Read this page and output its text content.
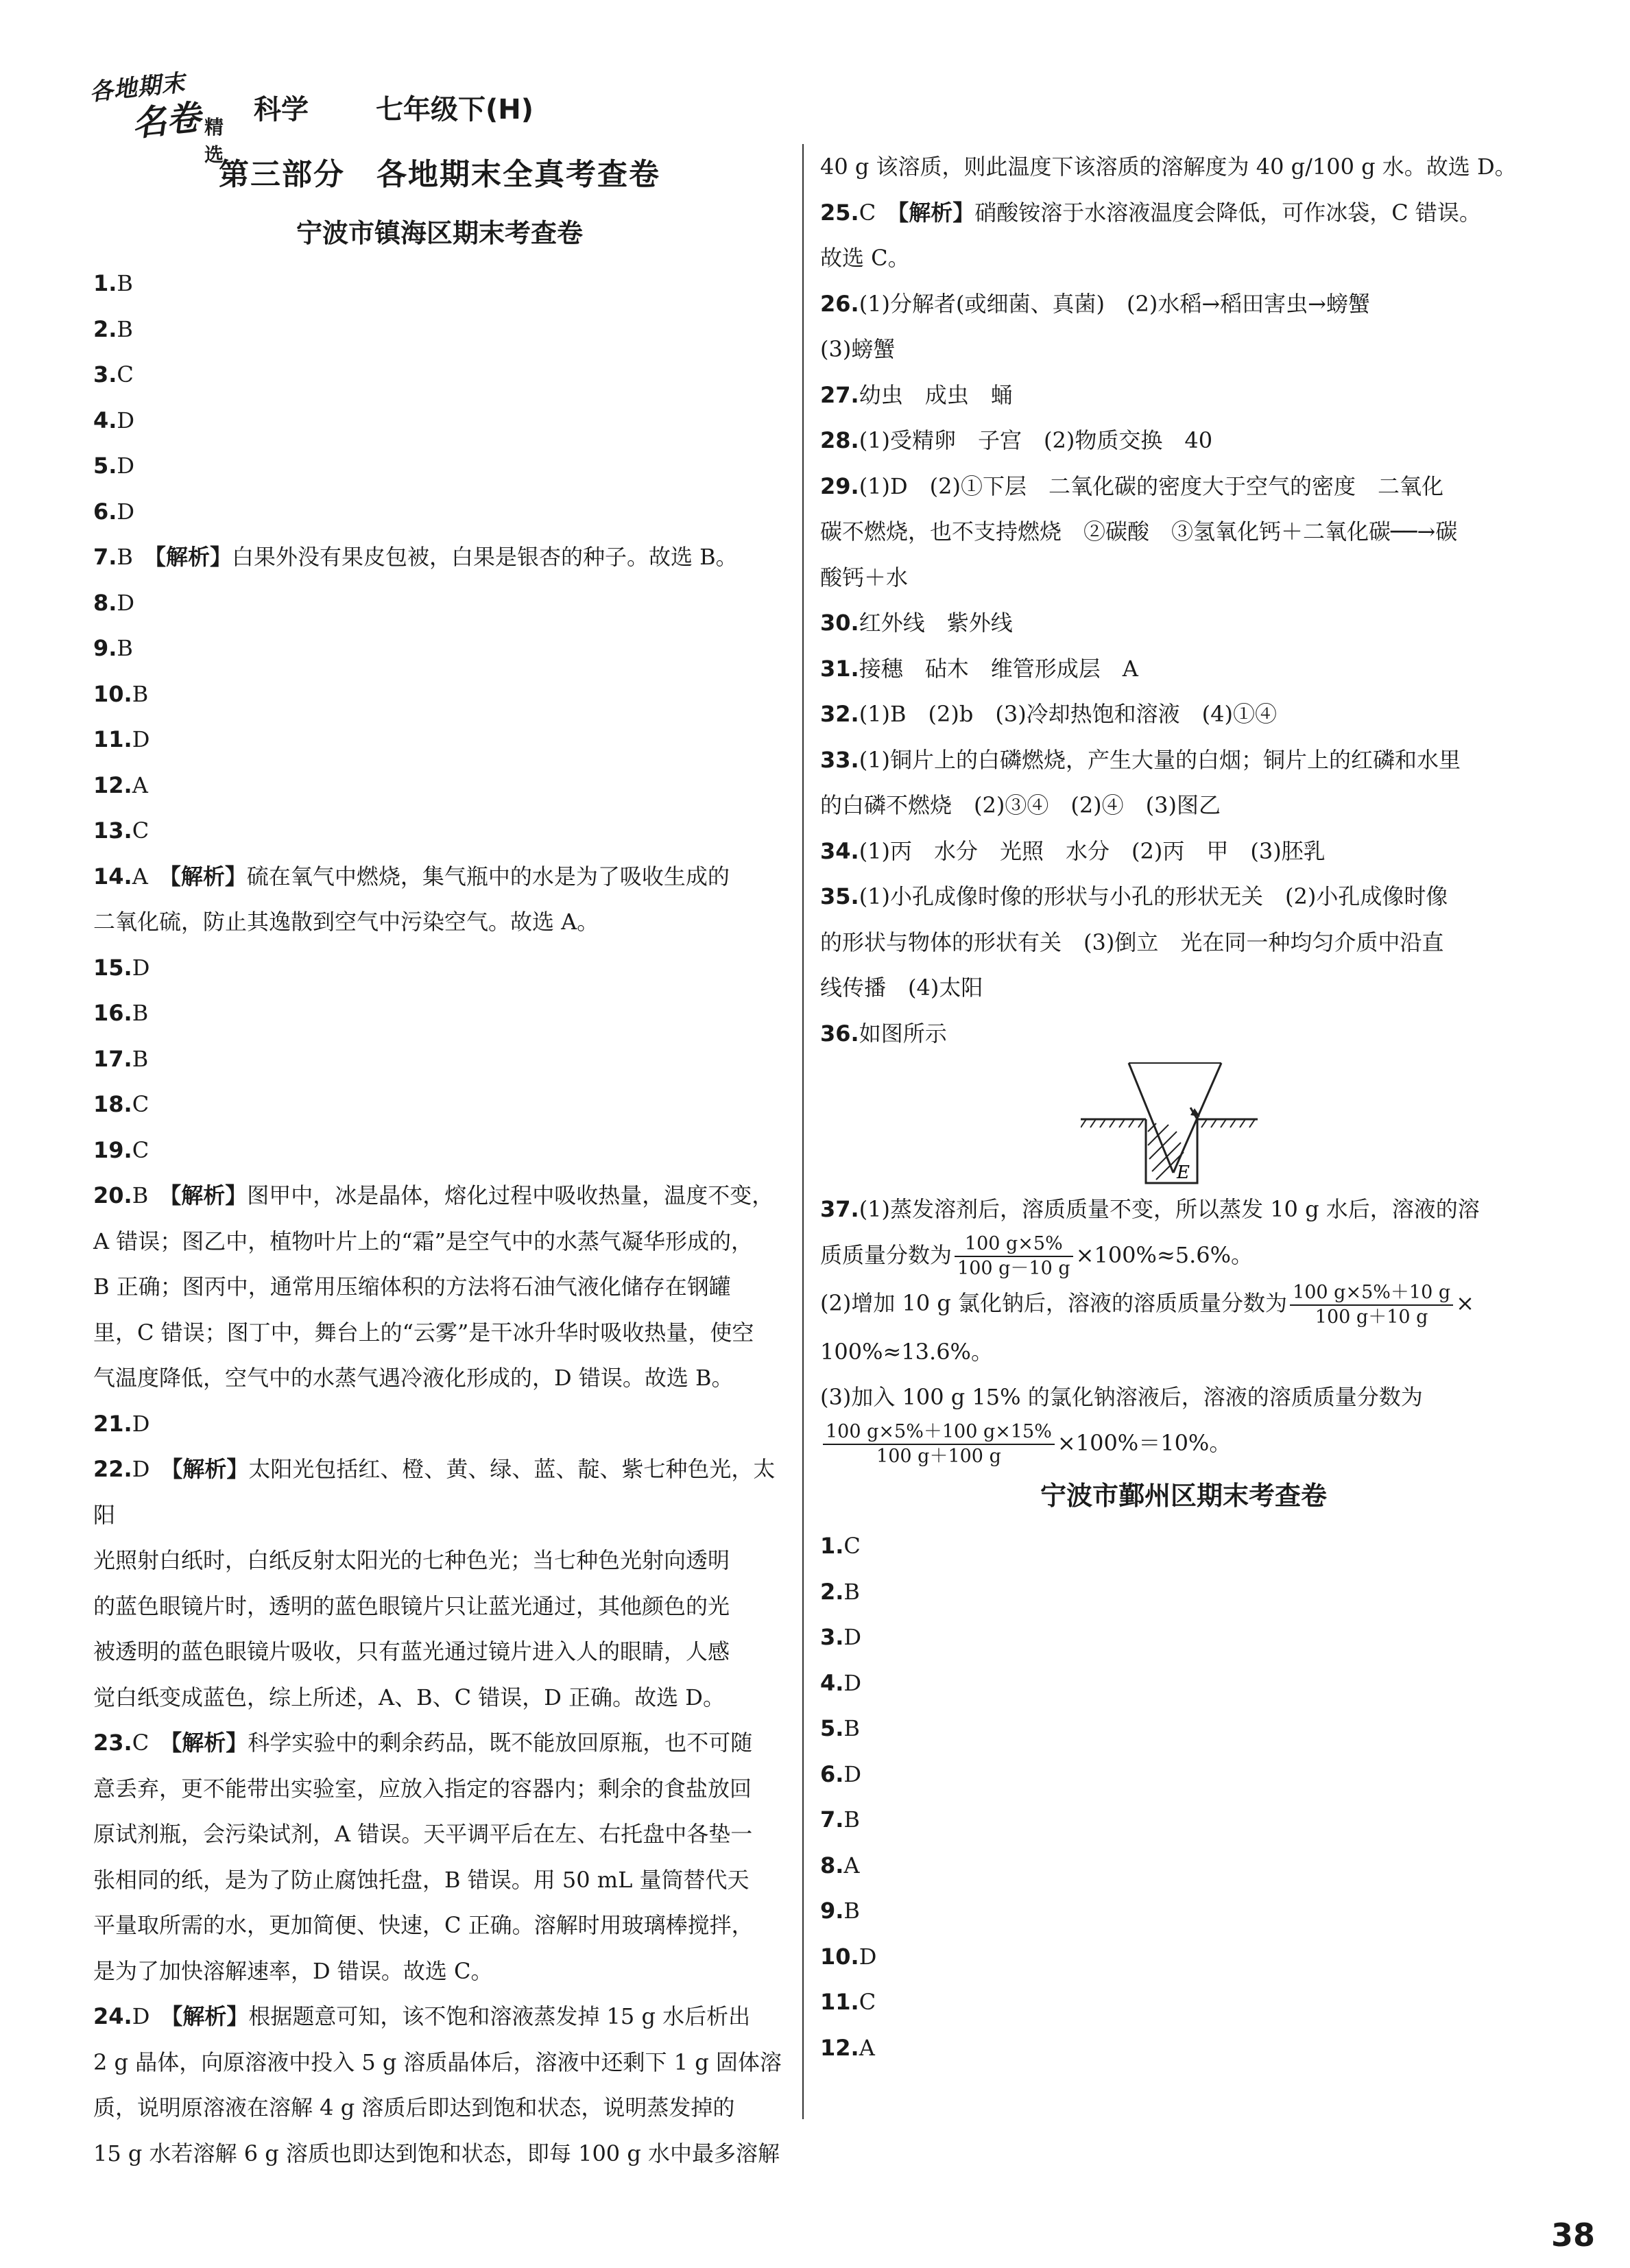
各地期末
名卷 精选
科学 七年级下(H)
第三部分　各地期末全真考查卷
宁波市镇海区期末考查卷
1.B
2.B
3.C
4.D
5.D
6.D
7.B　 【解析】白果外没有果皮包被，白果是银杏的种子。故选 B。
8.D
9.B
10.B
11.D
12.A
13.C
14.A　 【解析】硫在氧气中燃烧，集气瓶中的水是为了吸收生成的
二氧化硫，防止其逸散到空气中污染空气。故选 A。
15.D
16.B
17.B
18.C
19.C
20.B　 【解析】图甲中，冰是晶体，熔化过程中吸收热量，温度不变，
A 错误；图乙中，植物叶片上的“霜”是空气中的水蒸气凝华形成的，
B 正确；图丙中，通常用压缩体积的方法将石油气液化储存在钢罐
里，C 错误；图丁中，舞台上的“云雾”是干冰升华时吸收热量，使空
气温度降低，空气中的水蒸气遇冷液化形成的，D 错误。故选 B。
21.D
22.D　 【解析】太阳光包括红、橙、黄、绿、蓝、靛、紫七种色光，太阳
光照射白纸时，白纸反射太阳光的七种色光；当七种色光射向透明
的蓝色眼镜片时，透明的蓝色眼镜片只让蓝光通过，其他颜色的光
被透明的蓝色眼镜片吸收，只有蓝光通过镜片进入人的眼睛，人感
觉白纸变成蓝色，综上所述，A、B、C 错误，D 正确。故选 D。
23.C　 【解析】科学实验中的剩余药品，既不能放回原瓶，也不可随
意丢弃，更不能带出实验室，应放入指定的容器内；剩余的食盐放回
原试剂瓶，会污染试剂，A 错误。天平调平后在左、右托盘中各垫一
张相同的纸，是为了防止腐蚀托盘，B 错误。用 50 mL 量筒替代天
平量取所需的水，更加简便、快速，C 正确。溶解时用玻璃棒搅拌，
是为了加快溶解速率，D 错误。故选 C。
24.D　 【解析】根据题意可知，该不饱和溶液蒸发掉 15 g 水后析出
2 g 晶体，向原溶液中投入 5 g 溶质晶体后，溶液中还剩下 1 g 固体溶
质，说明原溶液在溶解 4 g 溶质后即达到饱和状态，说明蒸发掉的
15 g 水若溶解 6 g 溶质也即达到饱和状态，即每 100 g 水中最多溶解
40 g 该溶质，则此温度下该溶质的溶解度为 40 g/100 g 水。故选 D。
25.C　 【解析】硝酸铵溶于水溶液温度会降低，可作冰袋，C 错误。
故选 C。
26.(1)分解者(或细菌、真菌)　(2)水稻→稻田害虫→螃蟹
(3)螃蟹
27.幼虫　成虫　蛹
28.(1)受精卵　子宫　(2)物质交换　40
29.(1)D　(2)①下层　二氧化碳的密度大于空气的密度　二氧化
碳不燃烧，也不支持燃烧　②碳酸　③氢氧化钙＋二氧化碳──→碳
酸钙＋水
30.红外线　紫外线
31.接穗　砧木　维管形成层　A
32.(1)B　(2)b　(3)冷却热饱和溶液　(4)①④
33.(1)铜片上的白磷燃烧，产生大量的白烟；铜片上的红磷和水里
的白磷不燃烧　(2)③④　(2)④　(3)图乙
34.(1)丙　水分　光照　水分　(2)丙　甲　(3)胚乳
35.(1)小孔成像时像的形状与小孔的形状无关　(2)小孔成像时像
的形状与物体的形状有关　(3)倒立　光在同一种均匀介质中沿直
线传播　(4)太阳
36.如图所示
E
37.(1)蒸发溶剂后，溶质质量不变，所以蒸发 10 g 水后，溶液的溶
质质量分数为 $\frac{100 g\times 5\%}{100 g-10 g} \times 100\%\approx 5.6\%$。
(2)增加 10 g 氯化钠后，溶液的溶质质量分数为 $\frac{100 g\times 5\%+10 g}{100 g+10 g}$ ×
100%≈13.6%。
(3)加入 100 g 15% 的氯化钠溶液后，溶液的溶质质量分数为
$\frac{100 g\times 5\%+100 g\times 15\%}{100 g+100 g} \times 100\%=10\%$。
宁波市鄞州区期末考查卷
1.C
2.B
3.D
4.D
5.B
6.D
7.B
8.A
9.B
10.D
11.C
12.A
38
